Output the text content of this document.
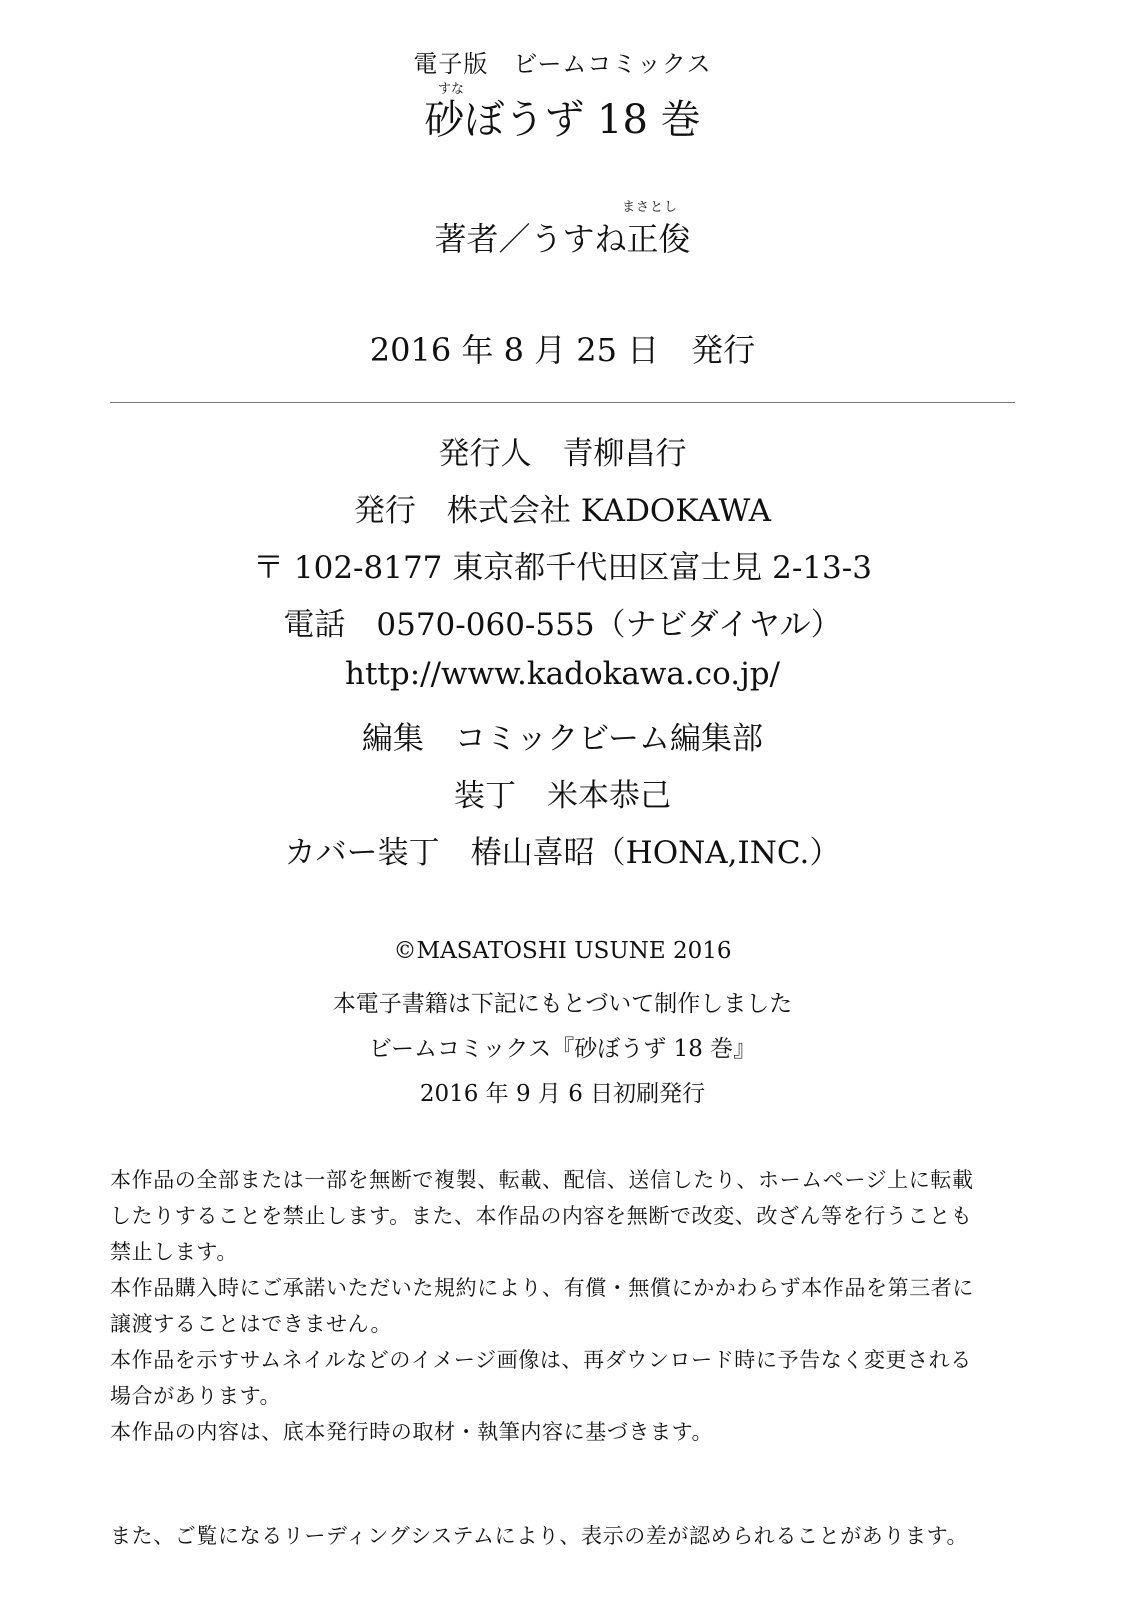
電子版　ビームコミックス
すな
砂ぼうず 18 巻
まさとし
著者／うすね正俊
2016 年 8 月 25 日　発行
発行人　青柳昌行
発行　株式会社 KADOKAWA
〒 102-8177 東京都千代田区富士見 2-13-3
電話　0570-060-555（ナビダイヤル）
http://www.kadokawa.co.jp/
編集　コミックビーム編集部
装丁　米本恭己
カバー装丁　椿山喜昭（HONA,INC.）
©MASATOSHI USUNE 2016
本電子書籍は下記にもとづいて制作しました
ビームコミックス『砂ぼうず 18 巻』
2016 年 9 月 6 日初刷発行
本作品の全部または一部を無断で複製、転載、配信、送信したり、ホームページ上に転載
したりすることを禁止します。また、本作品の内容を無断で改変、改ざん等を行うことも
禁止します。
本作品購入時にご承諾いただいた規約により、有償・無償にかかわらず本作品を第三者に
譲渡することはできません。
本作品を示すサムネイルなどのイメージ画像は、再ダウンロード時に予告なく変更される
場合があります。
本作品の内容は、底本発行時の取材・執筆内容に基づきます。
また、ご覧になるリーディングシステムにより、表示の差が認められることがあります。
